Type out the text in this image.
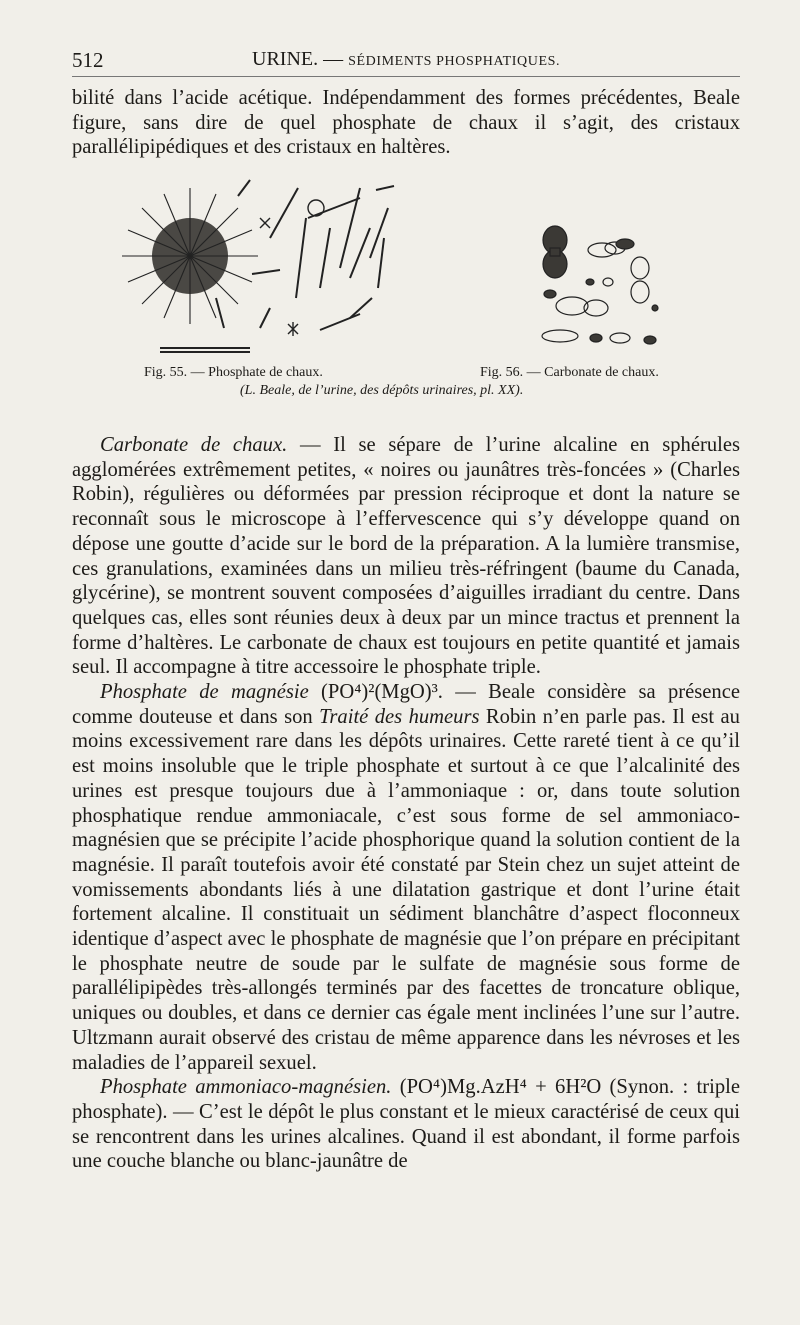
512	URINE. — SÉDIMENTS PHOSPHATIQUES.
bilité dans l’acide acétique. Indépendamment des formes précédentes, Beale figure, sans dire de quel phosphate de chaux il s’agit, des cristaux parallélipipédiques et des cristaux en haltères.
Fig. 55. — Phosphate de chaux.	Fig. 56. — Carbonate de chaux.
(L. Beale, de l’urine, des dépôts urinaires, pl. XX).
Carbonate de chaux. — Il se sépare de l’urine alcaline en sphérules agglomérées extrêmement petites, « noires ou jaunâtres très-foncées » (Charles Robin), régulières ou déformées par pression réciproque et dont la nature se reconnaît sous le microscope à l’effervescence qui s’y développe quand on dépose une goutte d’acide sur le bord de la préparation. A la lumière transmise, ces granulations, examinées dans un milieu très-réfringent (baume du Canada, glycérine), se montrent souvent composées d’aiguilles irradiant du centre. Dans quelques cas, elles sont réunies deux à deux par un mince tractus et prennent la forme d’haltères. Le carbonate de chaux est toujours en petite quantité et jamais seul. Il accompagne à titre accessoire le phosphate triple.
Phosphate de magnésie (PO⁴)²(MgO)³. — Beale considère sa présence comme douteuse et dans son Traité des humeurs Robin n’en parle pas. Il est au moins excessivement rare dans les dépôts urinaires. Cette rareté tient à ce qu’il est moins insoluble que le triple phosphate et surtout à ce que l’alcalinité des urines est presque toujours due à l’ammoniaque : or, dans toute solution phosphatique rendue ammoniacale, c’est sous forme de sel ammoniaco-magnésien que se précipite l’acide phosphorique quand la solution contient de la magnésie. Il paraît toutefois avoir été constaté par Stein chez un sujet atteint de vomissements abondants liés à une dilatation gastrique et dont l’urine était fortement alcaline. Il constituait un sédiment blanchâtre d’aspect floconneux identique d’aspect avec le phosphate de magnésie que l’on prépare en précipitant le phosphate neutre de soude par le sulfate de magnésie sous forme de parallélipipèdes très-allongés terminés par des facettes de troncature oblique, uniques ou doubles, et dans ce dernier cas égale ment inclinées l’une sur l’autre. Ultzmann aurait observé des cristau de même apparence dans les névroses et les maladies de l’appareil sexuel.
Phosphate ammoniaco-magnésien. (PO⁴)Mg.AzH⁴ + 6H²O (Synon. : triple phosphate). — C’est le dépôt le plus constant et le mieux caractérisé de ceux qui se rencontrent dans les urines alcalines. Quand il est abondant, il forme parfois une couche blanche ou blanc-jaunâtre de
